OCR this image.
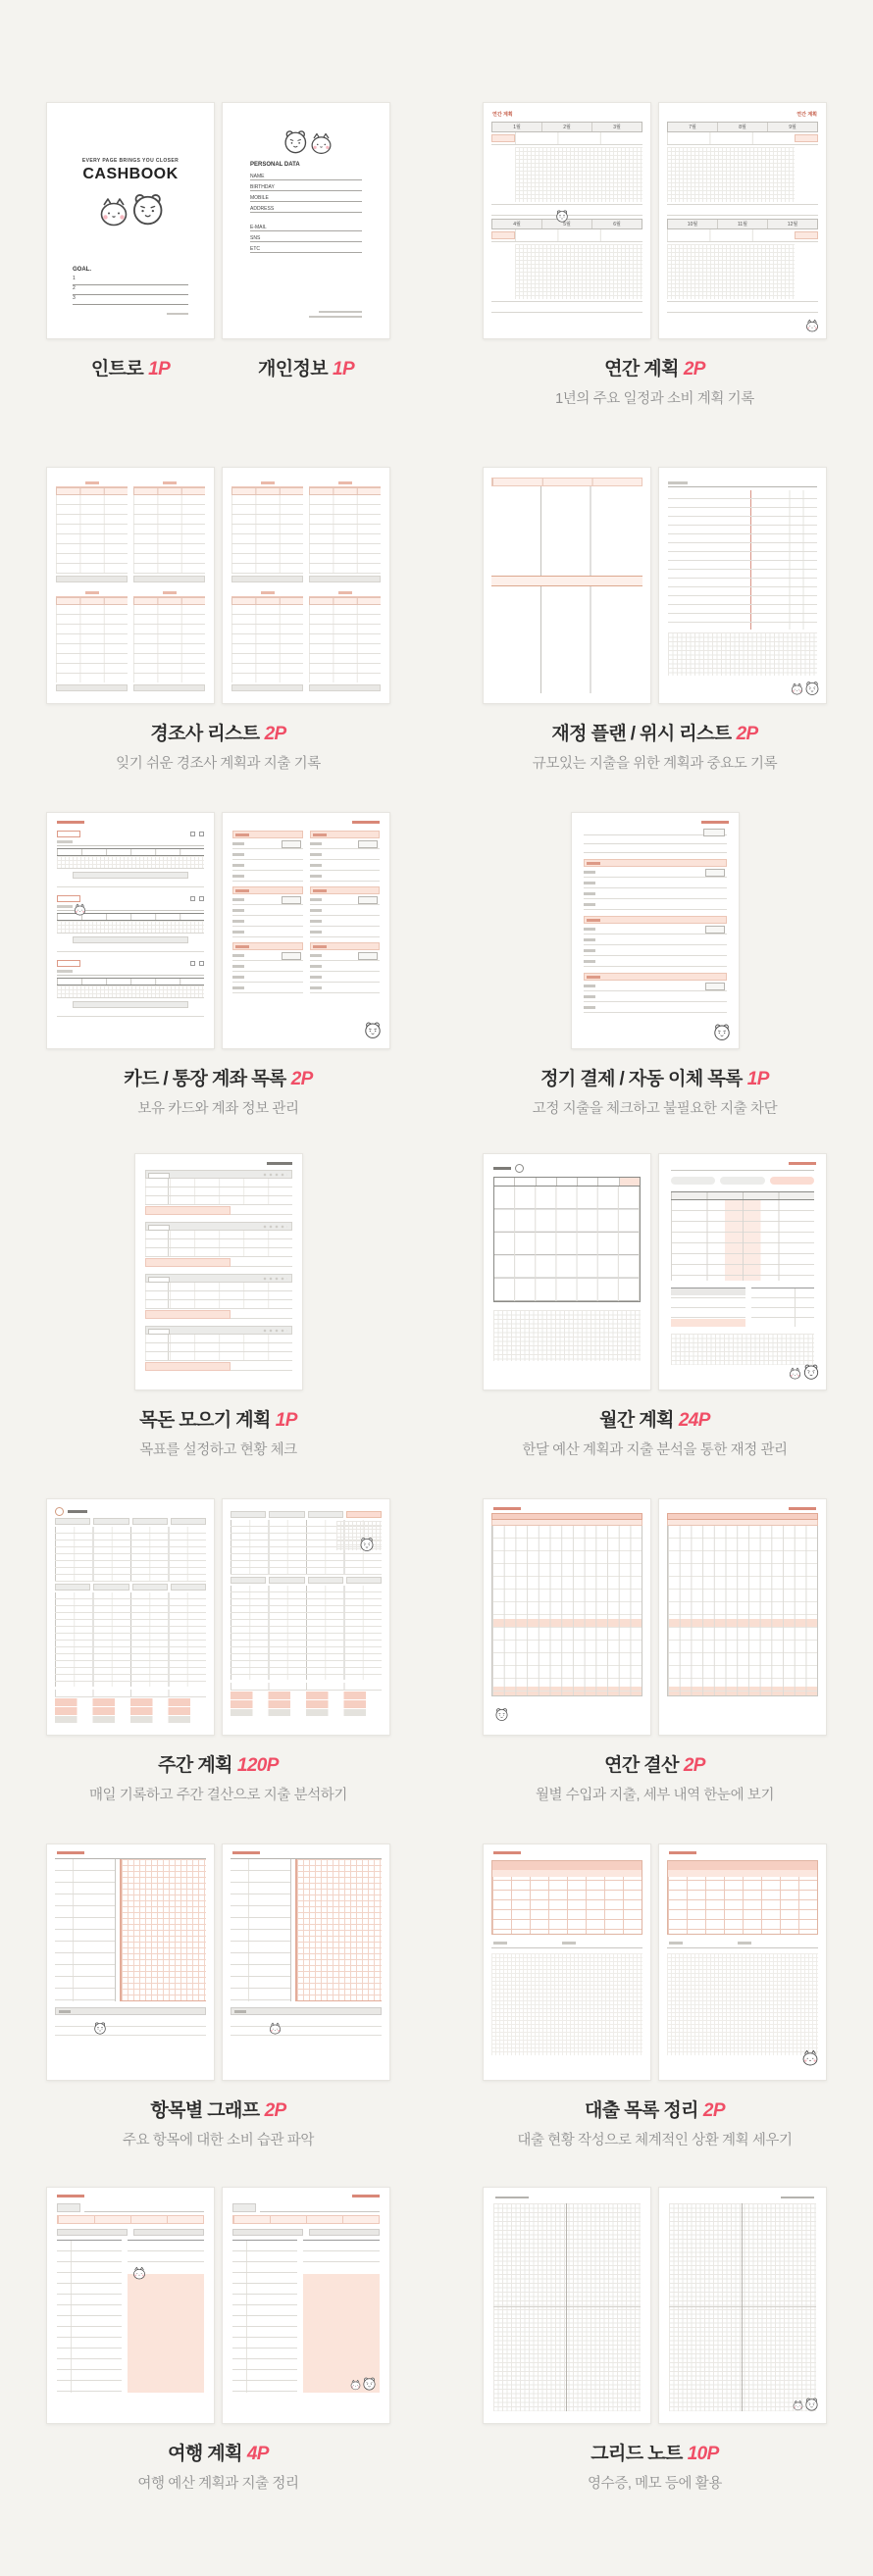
EVERY PAGE BRINGS YOU CLOSER
CASHBOOK
GOAL.
1
2
3
인트로 1P
PERSONAL DATA
NAME
BIRTHDAY
MOBILE
ADDRESS
E-MAIL
SNS
ETC
개인정보 1P
연간 계획
1월	2월	3월
4월	5월	6월
연간 계획
7월	8월	9월
10월	11월	12월
연간 계획 2P
1년의 주요 일정과 소비 계획 기록
경조사 리스트 2P
잊기 쉬운 경조사 계획과 지출 기록
재정 플랜 / 위시 리스트 2P
규모있는 지출을 위한 계획과 중요도 기록
카드 / 통장 계좌 목록 2P
보유 카드와 계좌 정보 관리
정기 결제 / 자동 이체 목록 1P
고정 지출을 체크하고 불필요한 지출 차단
목돈 모으기 계획 1P
목표를 설정하고 현황 체크
월간 계획 24P
한달 예산 계획과 지출 분석을 통한 재정 관리
주간 계획 120P
매일 기록하고 주간 결산으로 지출 분석하기
연간 결산 2P
월별 수입과 지출, 세부 내역 한눈에 보기
항목별 그래프 2P
주요 항목에 대한 소비 습관 파악
대출 목록 정리 2P
대출 현황 작성으로 체계적인 상환 계획 세우기
여행 계획 4P
여행 예산 계획과 지출 정리
그리드 노트 10P
영수증, 메모 등에 활용
